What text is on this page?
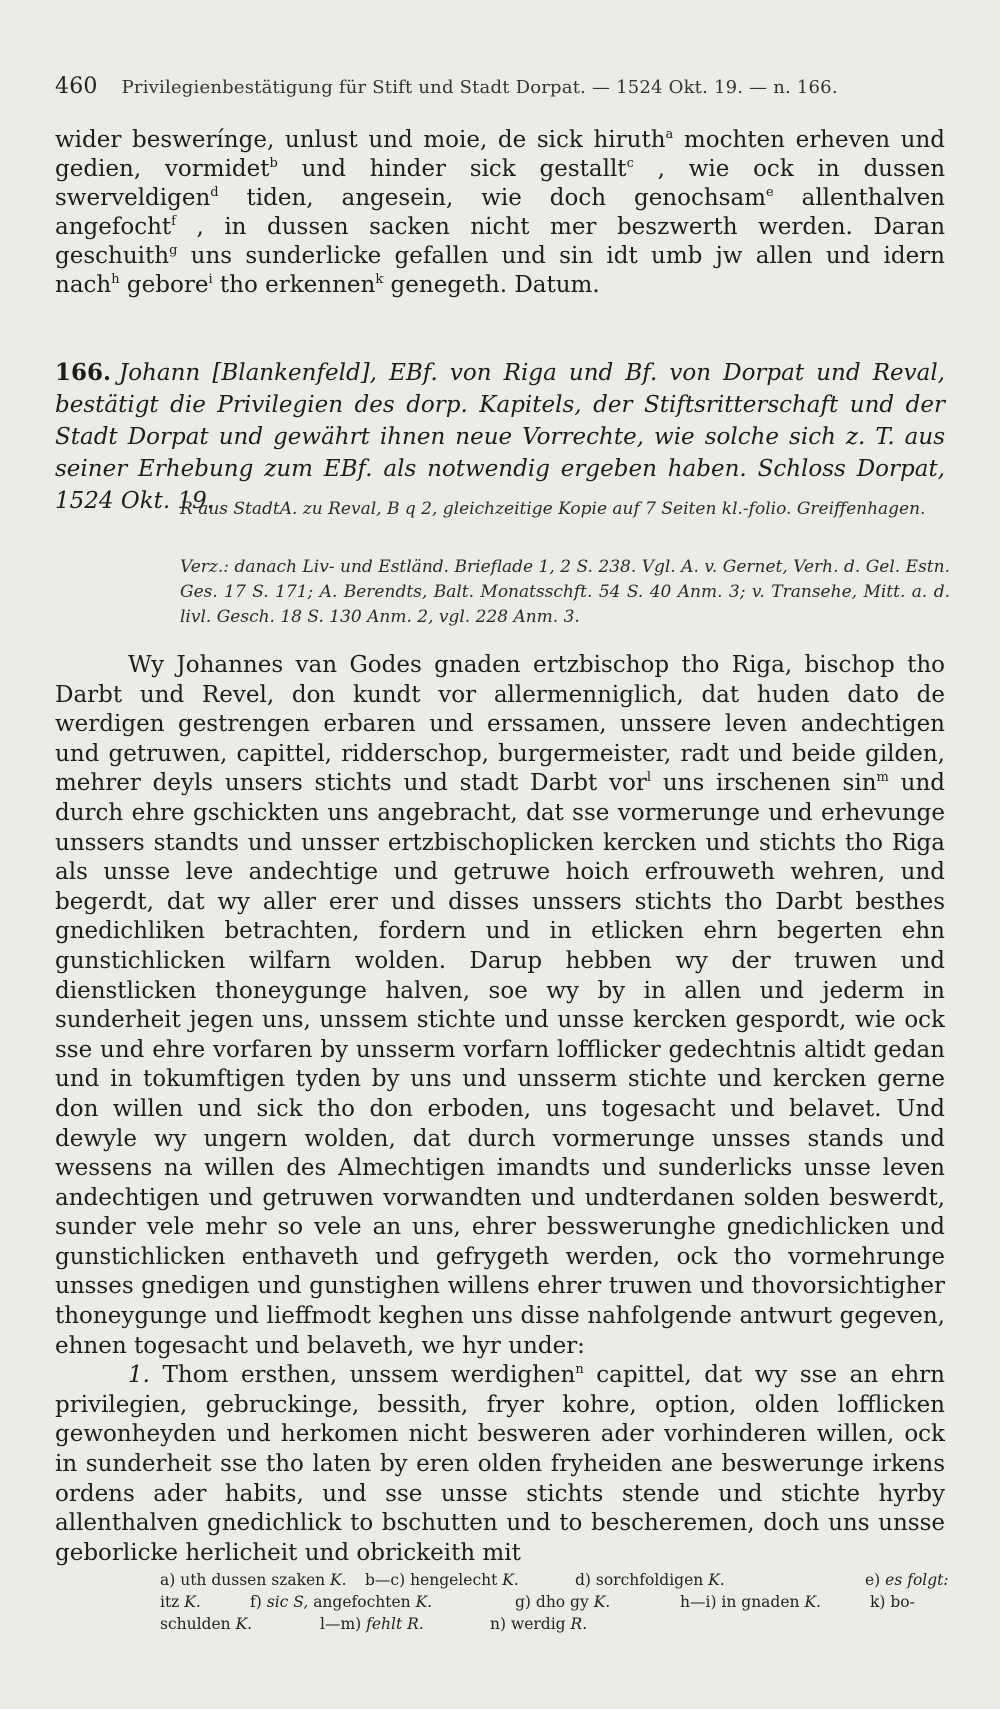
460 Privilegienbestätigung für Stift und Stadt Dorpat. — 1524 Okt. 19. — n. 166.

wider beswerínge, unlust und moie, de sick hiruth$^a$ mochten erheven und gedien, vormidet$^b$ und hinder sick gestallt$^c$ , wie ock in dussen swerveldigen$^d$ tiden, angesein, wie doch genochsam$^e$ allenthalven angefocht$^f$ , in dussen sacken nicht mer beszwerth werden. Daran geschuith$^g$ uns sunderlicke gefallen und sin idt umb jw allen und idern nach$^h$ gebore$^i$ tho erkennen$^k$ genegeth. Datum.

166. Johann [Blankenfeld], EBf. von Riga und Bf. von Dorpat und Reval, bestätigt die Privilegien des dorp. Kapitels, der Stiftsritterschaft und der Stadt Dorpat und gewährt ihnen neue Vorrechte, wie solche sich z. T. aus seiner Erhebung zum EBf. als notwendig ergeben haben. Schloss Dorpat, 1524 Okt. 19.

R aus StadtA. zu Reval, B q 2, gleichzeitige Kopie auf 7 Seiten kl.-folio. Greiffenhagen.

Verz.: danach Liv- und Estländ. Brieflade 1, 2 S. 238. Vgl. A. v. Gernet, Verh. d. Gel. Estn. Ges. 17 S. 171; A. Berendts, Balt. Monatsschft. 54 S. 40 Anm. 3; v. Transehe, Mitt. a. d. livl. Gesch. 18 S. 130 Anm. 2, vgl. 228 Anm. 3.

Wy Johannes van Godes gnaden ertzbischop tho Riga, bischop tho Darbt und Revel, don kundt vor allermenniglich, dat huden dato de werdigen gestrengen erbaren und erssamen, unssere leven andechtigen und getruwen, capittel, ridderschop, burgermeister, radt und beide gilden, mehrer deyls unsers stichts und stadt Darbt vor$^l$ uns irschenen $\sin^m$ und durch ehre gschickten uns angebracht, dat sse vormerunge und erhevunge unssers standts und unsser ertzbischoplicken kercken und stichts tho Riga als unsse leve andechtige und getruwe hoich erfrouweth wehren, und begerdt, dat wy aller erer und disses unssers stichts tho Darbt besthes gnedichliken betrachten, fordern und in etlicken ehrn begerten ehn gunstichlicken wilfarn wolden. Darup hebben wy der truwen und dienstlicken thoneygunge halven, soe wy by in allen und jederm in sunderheit jegen uns, unssem stichte und unsse kercken gespordt, wie ock sse und ehre vorfaren by unsserm vorfarn lofflicker gedechtnis altidt gedan und in tokumftigen tyden by uns und unsserm stichte und kercken gerne don willen und sick tho don erboden, uns togesacht und belavet. Und dewyle wy ungern wolden, dat durch vormerunge unsses stands und wessens na willen des Almechtigen imandts und sunderlicks unsse leven andechtigen und getruwen vorwandten und undterdanen solden beswerdt, sunder vele mehr so vele an uns, ehrer besswerunghe gnedichlicken und gunstichlicken enthaveth und gefrygeth werden, ock tho vormehrunge unsses gnedigen und gunstighen willens ehrer truwen und thovorsichtigher thoneygunge und lieffmodt keghen uns disse nahfolgende antwurt gegeven, ehnen togesacht und belaveth, we hyr under:

1. Thom ersthen, unssem werdighen$^n$ capittel, dat wy sse an ehrn privilegien, gebruckinge, bessith, fryer kohre, option, olden lofflicken gewonheyden und herkomen nicht besweren ader vorhinderen willen, ock in sunderheit sse tho laten by eren olden fryheiden ane beswerunge irkens ordens ader habits, und sse unsse stichts stende und stichte hyrby allenthalven gnedichlick to bschutten und to bescheremen, doch uns unsse geborlicke herlicheit und obrickeith mit

a) uth dussen szaken K. b—c) hengelecht K.	d) sorchfoldigen K.	e) es folgt:
itz K.	f) sic S, angefochten K.	g) dho gy K.	h—i) in gnaden K.	k) bo-
schulden K.	l—m) fehlt R.	n) werdig R.
